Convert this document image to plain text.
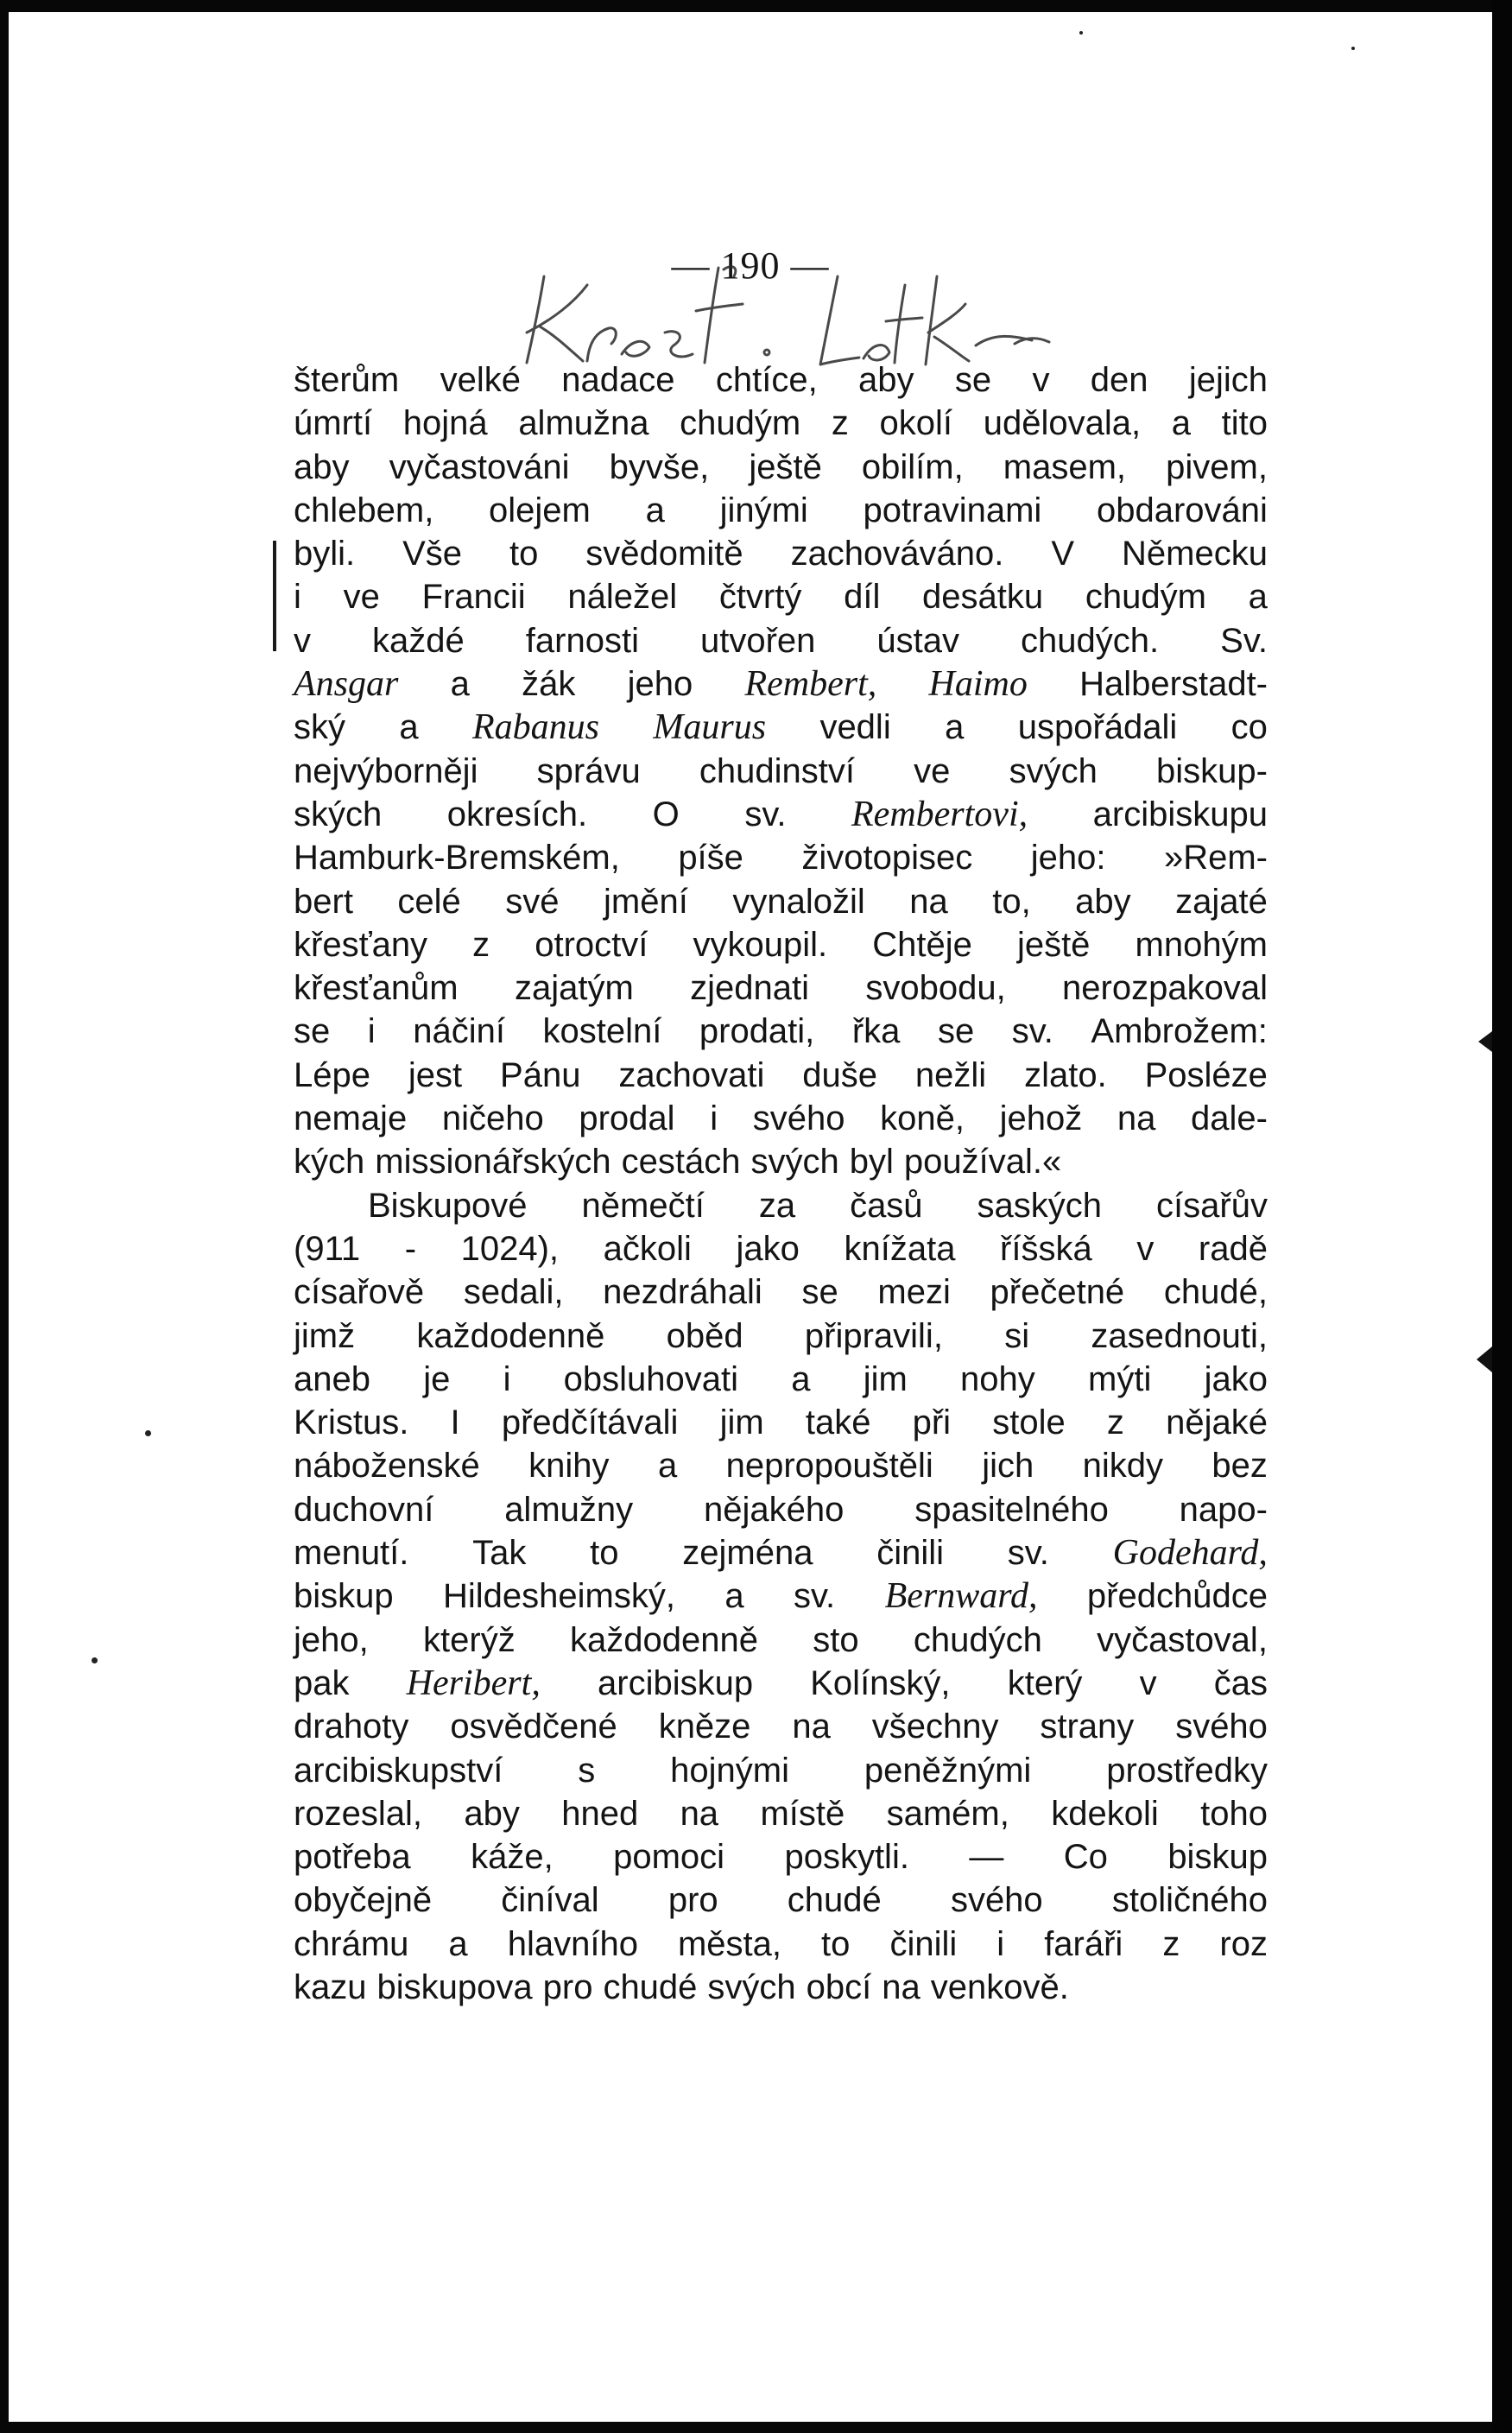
— 190 —
šterům velké nadace chtíce, aby se v den jejich
úmrtí hojná almužna chudým z okolí udělovala, a tito
aby vyčastováni byvše, ještě obilím, masem, pivem,
chlebem, olejem a jinými potravinami obdarováni
byli. Vše to svědomitě zachováváno. V Německu
i ve Francii náležel čtvrtý díl desátku chudým a
v každé farnosti utvořen ústav chudých. Sv.
Ansgar a žák jeho Rembert, Haimo Halberstadt-
ský a Rabanus Maurus vedli a uspořádali co
nejvýborněji správu chudinství ve svých biskup-
ských okresích. O sv. Rembertovi, arcibiskupu
Hamburk-Bremském, píše životopisec jeho: »Rem-
bert celé své jmění vynaložil na to, aby zajaté
křesťany z otroctví vykoupil. Chtěje ještě mnohým
křesťanům zajatým zjednati svobodu, nerozpakoval
se i náčiní kostelní prodati, řka se sv. Ambrožem:
Lépe jest Pánu zachovati duše nežli zlato. Posléze
nemaje ničeho prodal i svého koně, jehož na dale-
kých missionářských cestách svých byl používal.«
Biskupové němečtí za časů saských císařův
(911 - 1024), ačkoli jako knížata říšská v radě
císařově sedali, nezdráhali se mezi přečetné chudé,
jimž každodenně oběd připravili, si zasednouti,
aneb je i obsluhovati a jim nohy mýti jako
Kristus. I předčítávali jim také při stole z nějaké
náboženské knihy a nepropouštěli jich nikdy bez
duchovní almužny nějakého spasitelného napo-
menutí. Tak to zejména činili sv. Godehard,
biskup Hildesheimský, a sv. Bernward, předchůdce
jeho, kterýž každodenně sto chudých vyčastoval,
pak Heribert, arcibiskup Kolínský, který v čas
drahoty osvědčené kněze na všechny strany svého
arcibiskupství s hojnými peněžnými prostředky
rozeslal, aby hned na místě samém, kdekoli toho
potřeba káže, pomoci poskytli. — Co biskup
obyčejně činíval pro chudé svého stoličného
chrámu a hlavního města, to činili i faráři z roz
kazu biskupova pro chudé svých obcí na venkově.
